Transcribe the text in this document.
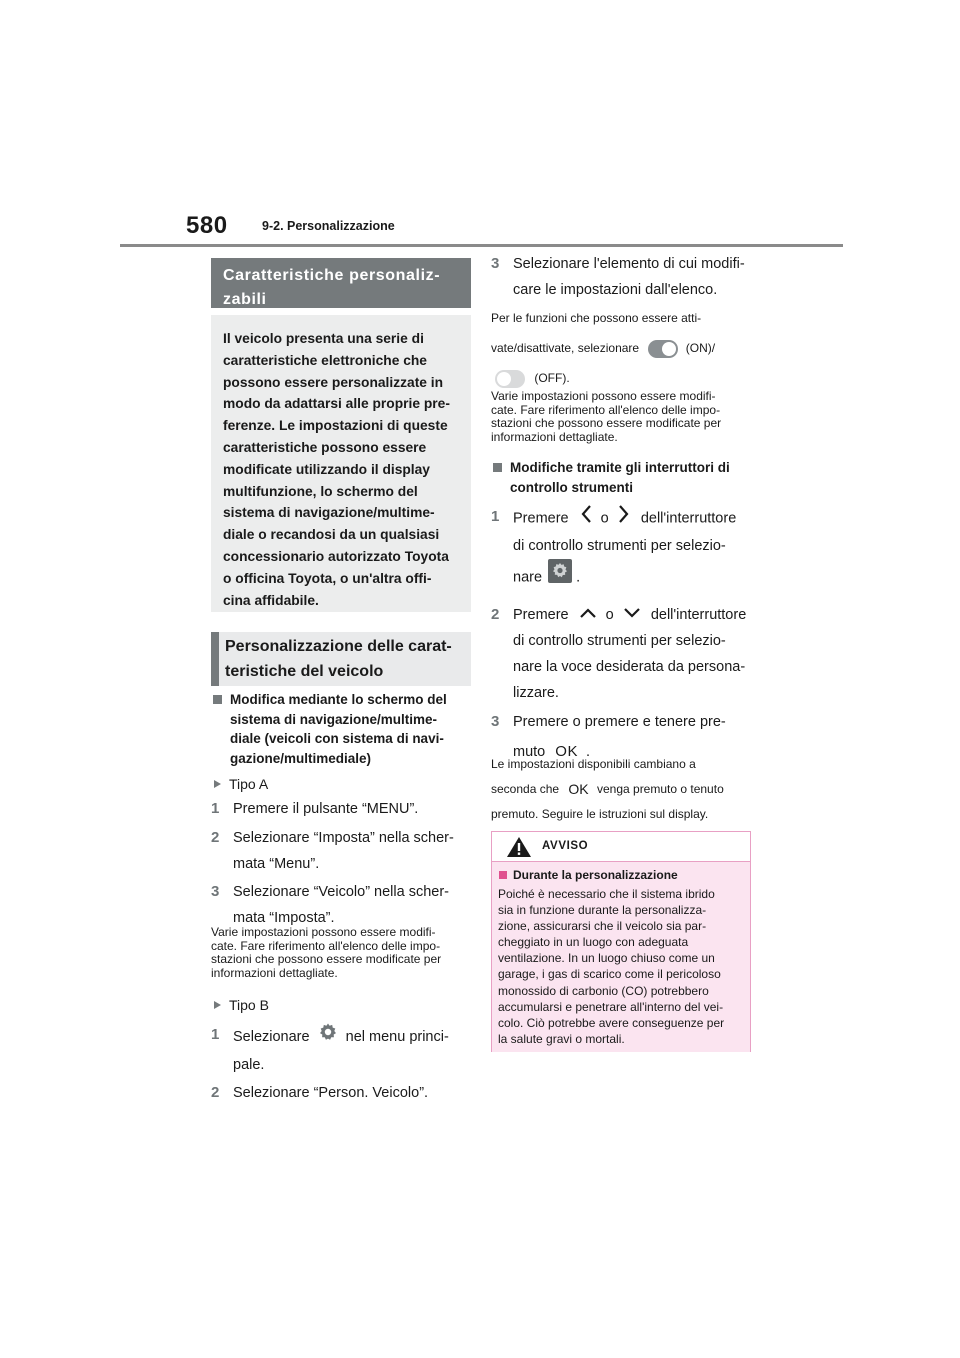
580	9-2. Personalizzazione
Caratteristiche personaliz-
zabili
Il veicolo presenta una serie di
caratteristiche elettroniche che
possono essere personalizzate in
modo da adattarsi alle proprie pre-
ferenze. Le impostazioni di queste
caratteristiche possono essere
modificate utilizzando il display
multifunzione, lo schermo del
sistema di navigazione/multime-
diale o recandosi da un qualsiasi
concessionario autorizzato Toyota
o officina Toyota, o un'altra offi-
cina affidabile.
Personalizzazione delle carat-
teristiche del veicolo
Modifica mediante lo schermo del
sistema di navigazione/multime-
diale (veicoli con sistema di navi-
gazione/multimediale)
Tipo A
1 Premere il pulsante “MENU”.
2 Selezionare “Imposta” nella scher-
mata “Menu”.
3 Selezionare “Veicolo” nella scher-
mata “Imposta”.
Varie impostazioni possono essere modifi-
cate. Fare riferimento all'elenco delle impo-
stazioni che possono essere modificate per
informazioni dettagliate.
Tipo B
1 Selezionare nel menu princi-
pale.
2 Selezionare “Person. Veicolo”.
3 Selezionare l'elemento di cui modifi-
care le impostazioni dall'elenco.
Per le funzioni che possono essere atti-
vate/disattivate, selezionare	(ON)/
(OFF).
Varie impostazioni possono essere modifi-
cate. Fare riferimento all'elenco delle impo-
stazioni che possono essere modificate per
informazioni dettagliate.
Modifiche tramite gli interruttori di
controllo strumenti
1 Premere o dell'interruttore
di controllo strumenti per selezio-
nare .
2 Premere	o	dell'interruttore
di controllo strumenti per selezio-
nare la voce desiderata da persona-
lizzare.
3 Premere o premere e tenere pre-
muto OK .
Le impostazioni disponibili cambiano a
seconda che OK venga premuto o tenuto
premuto. Seguire le istruzioni sul display.
AVVISO
Durante la personalizzazione
Poiché è necessario che il sistema ibrido
sia in funzione durante la personalizza-
zione, assicurarsi che il veicolo sia par-
cheggiato in un luogo con adeguata
ventilazione. In un luogo chiuso come un
garage, i gas di scarico come il pericoloso
monossido di carbonio (CO) potrebbero
accumularsi e penetrare all'interno del vei-
colo. Ciò potrebbe avere conseguenze per
la salute gravi o mortali.
